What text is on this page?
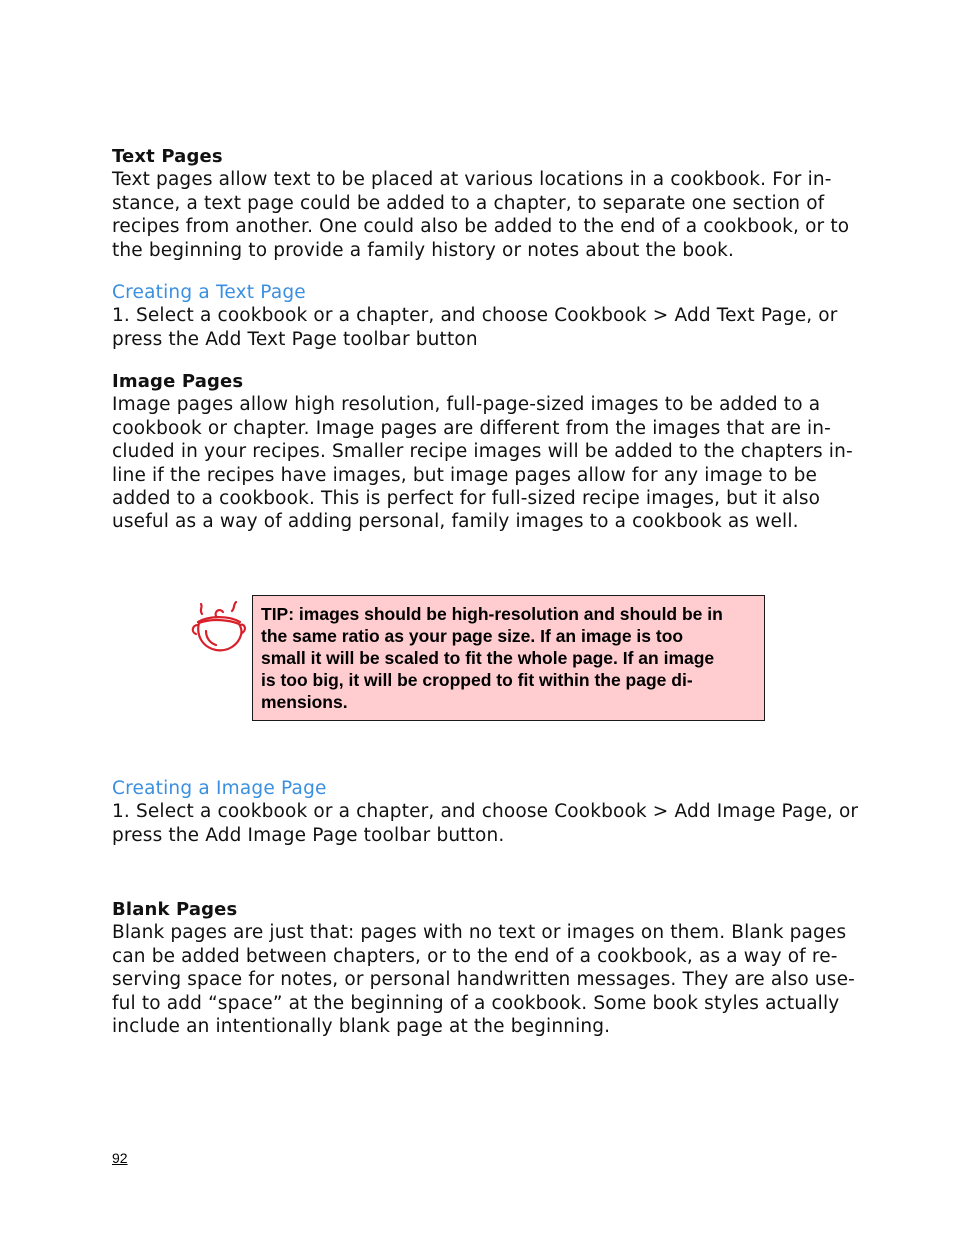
Text Pages
Text pages allow text to be placed at various locations in a cookbook. For in-
stance, a text page could be added to a chapter, to separate one section of
recipes from another. One could also be added to the end of a cookbook, or to
the beginning to provide a family history or notes about the book.
Creating a Text Page
1. Select a cookbook or a chapter, and choose Cookbook > Add Text Page, or
press the Add Text Page toolbar button
Image Pages
Image pages allow high resolution, full-page-sized images to be added to a
cookbook or chapter. Image pages are different from the images that are in-
cluded in your recipes. Smaller recipe images will be added to the chapters in-
line if the recipes have images, but image pages allow for any image to be
added to a cookbook. This is perfect for full-sized recipe images, but it also
useful as a way of adding personal, family images to a cookbook as well.
TIP: images should be high-resolution and should be in
the same ratio as your page size. If an image is too
small it will be scaled to fit the whole page. If an image
is too big, it will be cropped to fit within the page di-
mensions.
Creating a Image Page
1. Select a cookbook or a chapter, and choose Cookbook > Add Image Page, or
press the Add Image Page toolbar button.
Blank Pages
Blank pages are just that: pages with no text or images on them. Blank pages
can be added between chapters, or to the end of a cookbook, as a way of re-
serving space for notes, or personal handwritten messages. They are also use-
ful to add “space” at the beginning of a cookbook. Some book styles actually
include an intentionally blank page at the beginning.
92
